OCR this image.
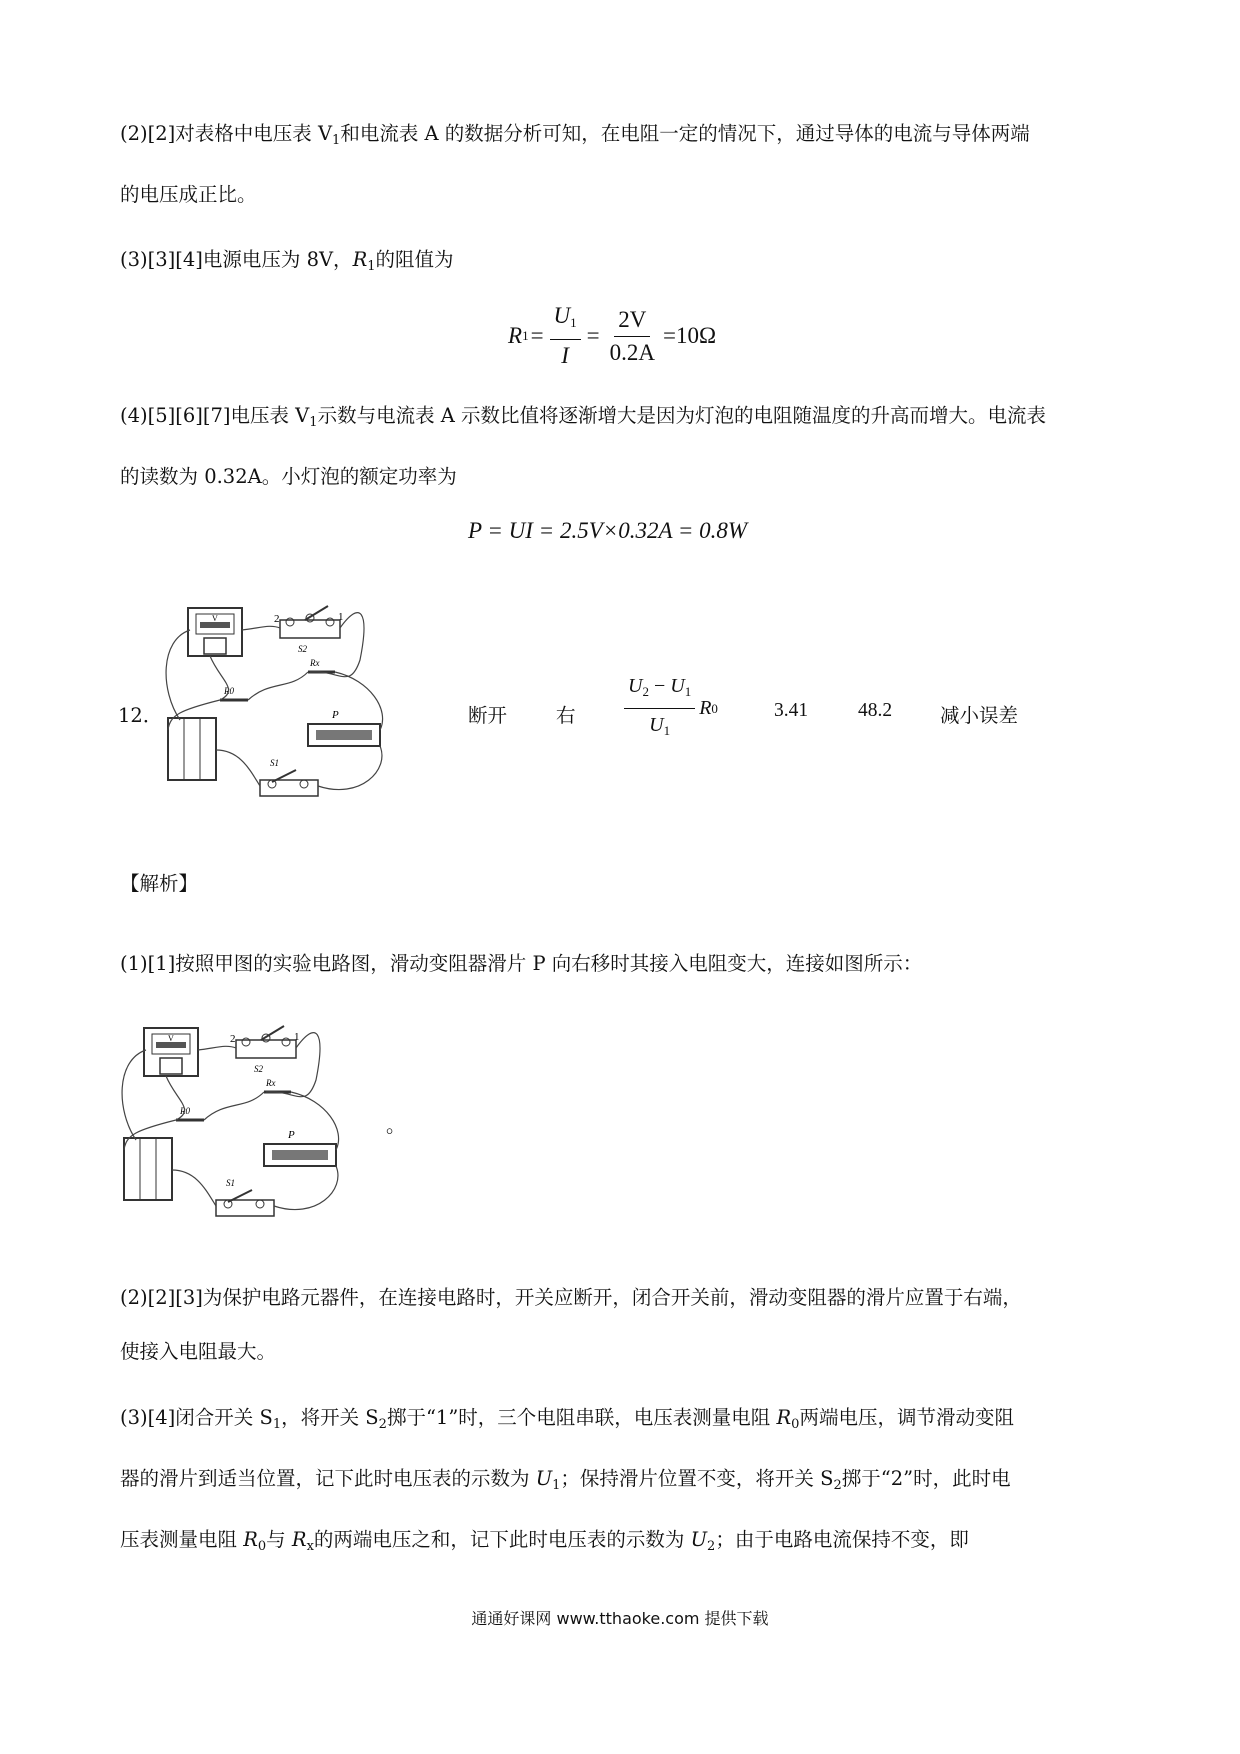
(2)[2]对表格中电压表 $V_1$和电流表 A 的数据分析可知，在电阻一定的情况下，通过导体的电流与导体两端
的电压成正比。
(3)[3][4]电源电压为 8V，$R_1$的阻值为
R $1 = \frac{U_1}{I} = \frac{2V}{0.2A} =10\Omega$
(4)[5][6][7]电压表 $V_1$示数与电流表 A 示数比值将逐渐增大是因为灯泡的电阻随温度的升高而增大。电流表
的读数为 0.32A。小灯泡的额定功率为
P = UI = 2.5V×0.32A = 0.8W
12．
V	2	1
S2
Rx
R0
P
S1
断开	右 $\frac{U_2 - U_1}{U_1}$ R 0	3.41	48.2 减小误差
【解析】
(1)[1]按照甲图的实验电路图，滑动变阻器滑片 P 向右移时其接入电阻变大，连接如图所示：
V	2	1
S2
Rx
R0
P
S1
。
(2)[2][3]为保护电路元器件，在连接电路时，开关应断开，闭合开关前，滑动变阻器的滑片应置于右端，
使接入电阻最大。
(3)[4]闭合开关 $S_1$，将开关 $S_2$掷于“1”时，三个电阻串联，电压表测量电阻 $R_0$两端电压，调节滑动变阻
器的滑片到适当位置，记下此时电压表的示数为 $U_1$；保持滑片位置不变，将开关 $S_2$掷于“2”时，此时电
压表测量电阻 $R_0$与 $R_x$的两端电压之和，记下此时电压表的示数为 $U_2$；由于电路电流保持不变，即
通通好课网 www.tthaoke.com 提供下载
